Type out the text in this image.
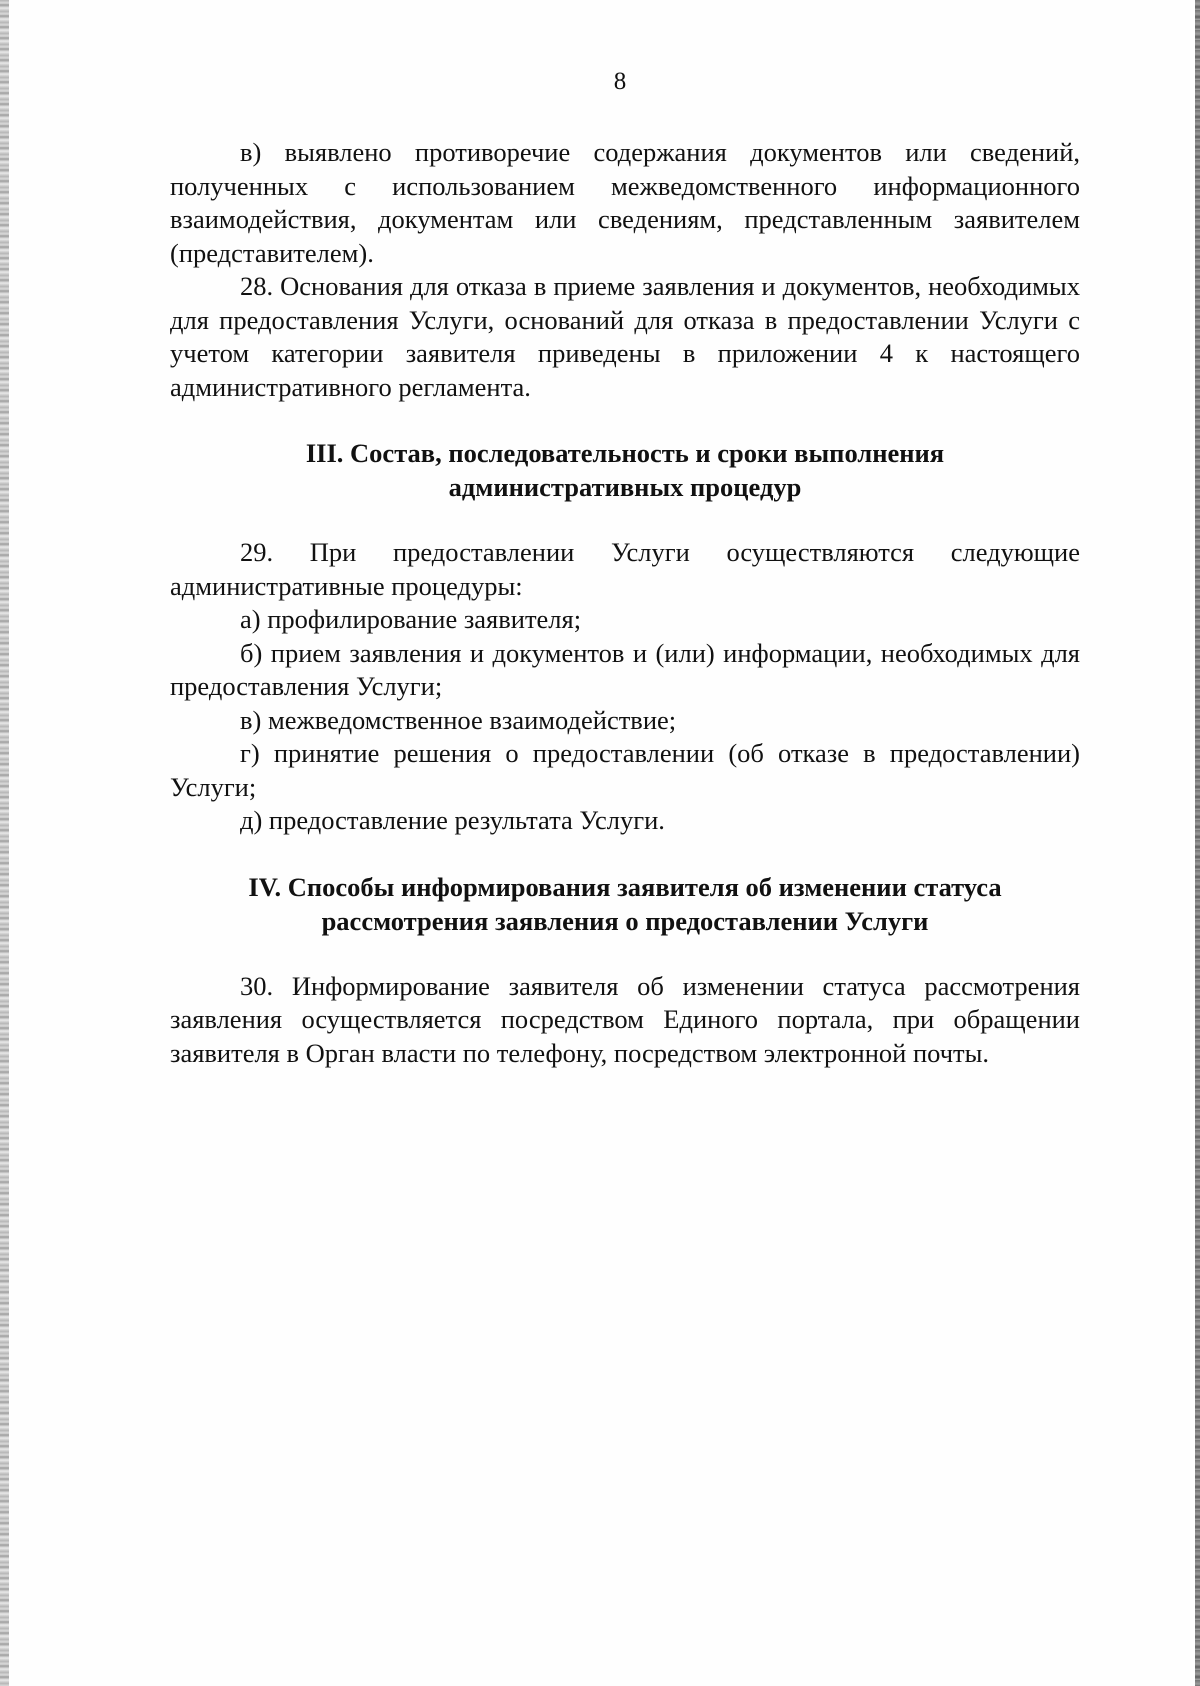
8

в) выявлено противоречие содержания документов или сведений, полученных с использованием межведомственного информационного взаимодействия, документам или сведениям, представленным заявителем (представителем).

28. Основания для отказа в приеме заявления и документов, необходимых для предоставления Услуги, оснований для отказа в предоставлении Услуги с учетом категории заявителя приведены в приложении 4 к настоящего административного регламента.

III. Состав, последовательность и сроки выполнения
административных процедур

29. При предоставлении Услуги осуществляются следующие административные процедуры:

а) профилирование заявителя;

б) прием заявления и документов и (или) информации, необходимых для предоставления Услуги;

в) межведомственное взаимодействие;

г) принятие решения о предоставлении (об отказе в предоставлении) Услуги;

д) предоставление результата Услуги.

IV. Способы информирования заявителя об изменении статуса
рассмотрения заявления о предоставлении Услуги

30. Информирование заявителя об изменении статуса рассмотрения заявления осуществляется посредством Единого портала, при обращении заявителя в Орган власти по телефону, посредством электронной почты.
